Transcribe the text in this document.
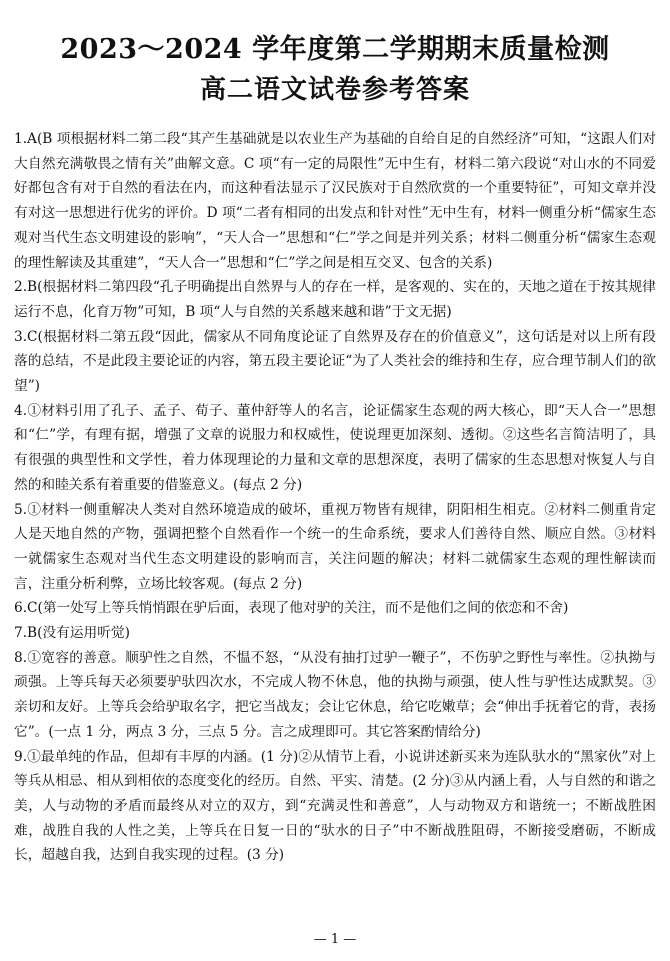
2023～2024 学年度第二学期期末质量检测
高二语文试卷参考答案

1.A(B 项根据材料二第二段“其产生基础就是以农业生产为基础的自给自足的自然经济”可知，“这跟人们对大自然充满敬畏之情有关”曲解文意。C 项“有一定的局限性”无中生有，材料二第六段说“对山水的不同爱好都包含有对于自然的看法在内，而这种看法显示了汉民族对于自然欣赏的一个重要特征”，可知文章并没有对这一思想进行优劣的评价。D 项“二者有相同的出发点和针对性”无中生有，材料一侧重分析“儒家生态观对当代生态文明建设的影响”，“天人合一”思想和“仁”学之间是并列关系；材料二侧重分析“儒家生态观的理性解读及其重建”，“天人合一”思想和“仁”学之间是相互交叉、包含的关系)

2.B(根据材料二第四段“孔子明确提出自然界与人的存在一样，是客观的、实在的，天地之道在于按其规律运行不息，化育万物”可知，B 项“人与自然的关系越来越和谐”于文无据)

3.C(根据材料二第五段“因此，儒家从不同角度论证了自然界及存在的价值意义”，这句话是对以上所有段落的总结，不是此段主要论证的内容，第五段主要论证“为了人类社会的维持和生存，应合理节制人们的欲望”)

4.①材料引用了孔子、孟子、荀子、董仲舒等人的名言，论证儒家生态观的两大核心，即“天人合一”思想和“仁”学，有理有据，增强了文章的说服力和权威性，使说理更加深刻、透彻。②这些名言简洁明了，具有很强的典型性和文学性，着力体现理论的力量和文章的思想深度，表明了儒家的生态思想对恢复人与自然的和睦关系有着重要的借鉴意义。(每点 2 分)

5.①材料一侧重解决人类对自然环境造成的破坏，重视万物皆有规律，阴阳相生相克。②材料二侧重肯定人是天地自然的产物，强调把整个自然看作一个统一的生命系统，要求人们善待自然、顺应自然。③材料一就儒家生态观对当代生态文明建设的影响而言，关注问题的解决；材料二就儒家生态观的理性解读而言，注重分析利弊，立场比较客观。(每点 2 分)

6.C(第一处写上等兵悄悄跟在驴后面，表现了他对驴的关注，而不是他们之间的依恋和不舍)

7.B(没有运用听觉)

8.①宽容的善意。顺驴性之自然，不愠不怒，“从没有抽打过驴一鞭子”，不伤驴之野性与率性。②执拗与顽强。上等兵每天必须要驴驮四次水，不完成人物不休息，他的执拗与顽强，使人性与驴性达成默契。③亲切和友好。上等兵会给驴取名字，把它当战友；会让它休息，给它吃嫩草；会“伸出手抚着它的背，表扬它”。(一点 1 分，两点 3 分，三点 5 分。言之成理即可。其它答案酌情给分)

9.①最单纯的作品，但却有丰厚的内涵。(1 分)②从情节上看，小说讲述新买来为连队驮水的“黑家伙”对上等兵从相忌、相从到相依的态度变化的经历。自然、平实、清楚。(2 分)③从内涵上看，人与自然的和谐之美，人与动物的矛盾而最终从对立的双方，到“充满灵性和善意”，人与动物双方和谐统一；不断战胜困难，战胜自我的人性之美，上等兵在日复一日的“驮水的日子”中不断战胜阻碍，不断接受磨砺，不断成长，超越自我，达到自我实现的过程。(3 分)

— 1 —
